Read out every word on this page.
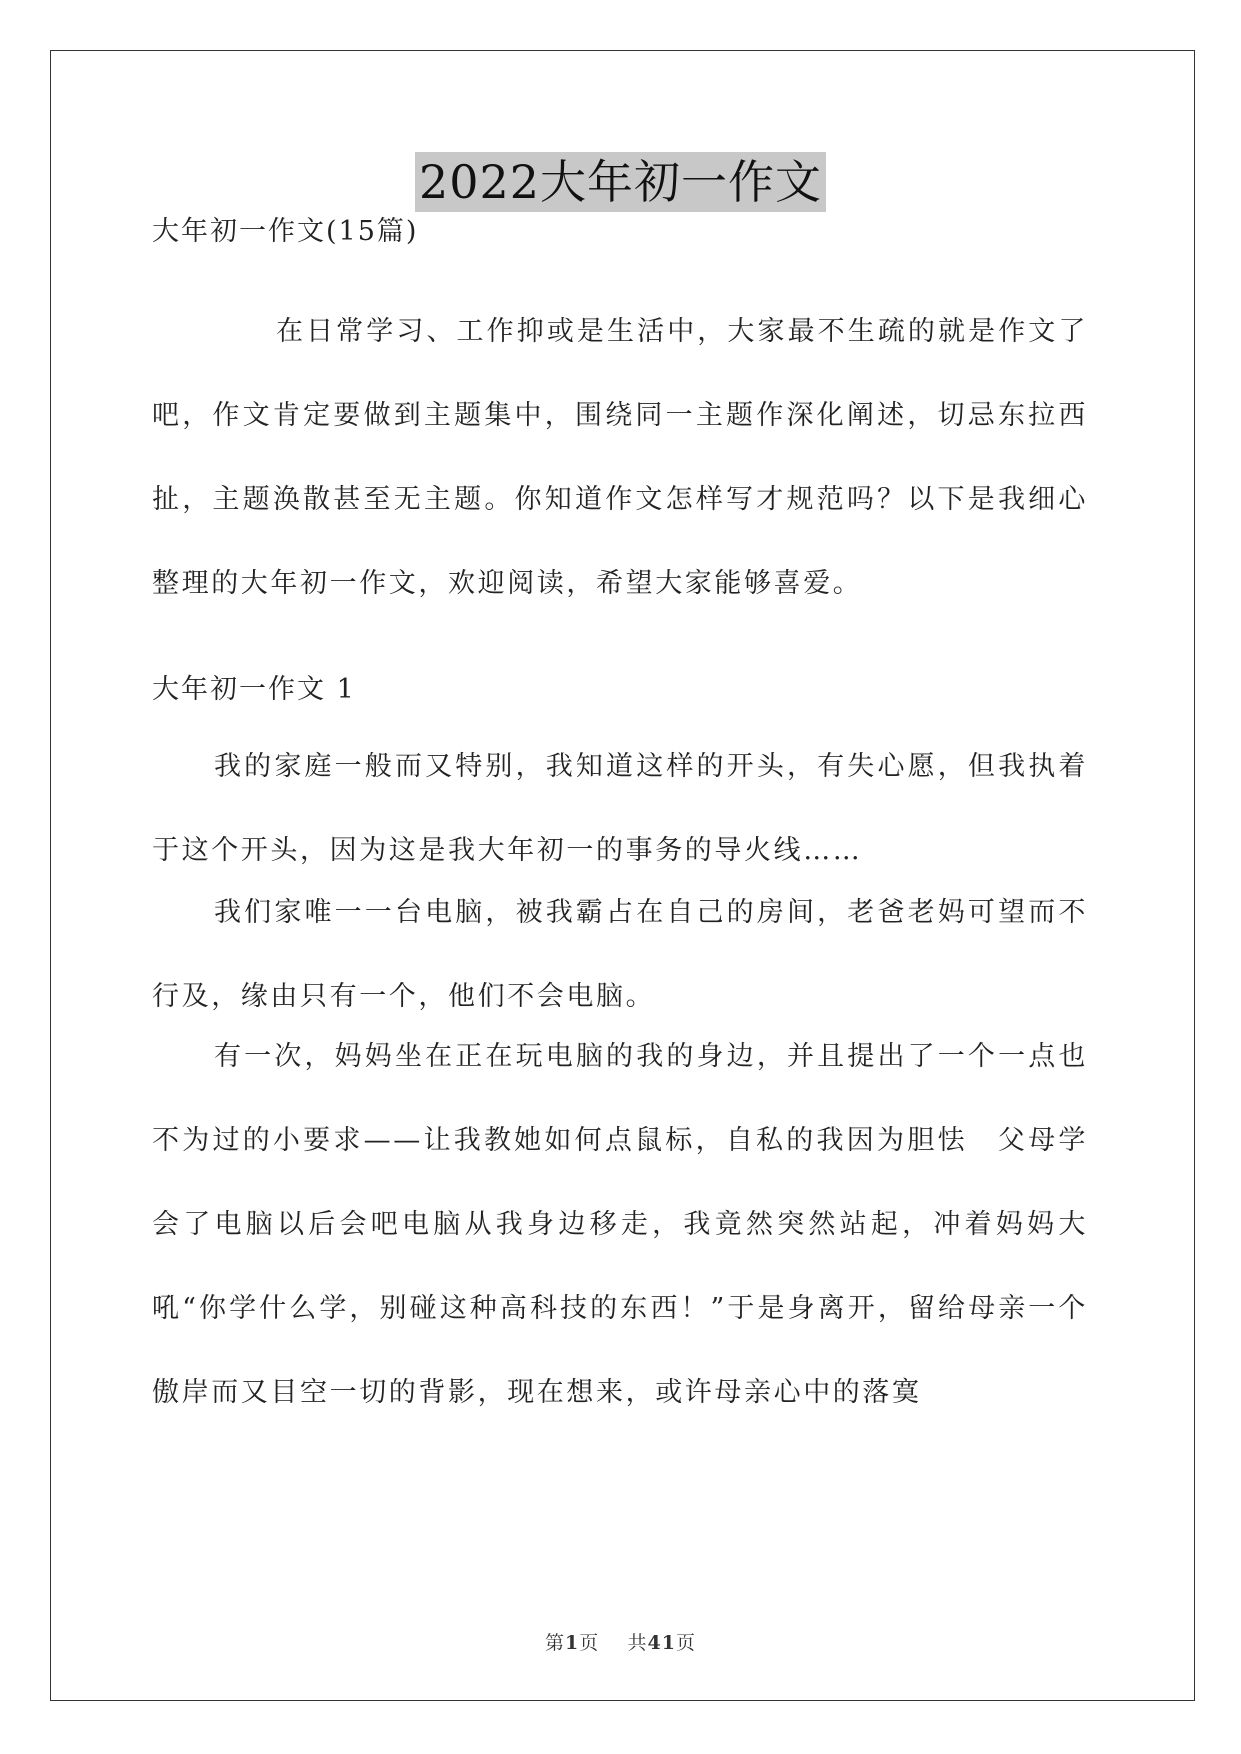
2022大年初一作文
大年初一作文(15篇)
在日常学习、工作抑或是生活中，大家最不生疏的就是作文了吧，作文肯定要做到主题集中，围绕同一主题作深化阐述，切忌东拉西扯，主题涣散甚至无主题。你知道作文怎样写才规范吗？以下是我细心整理的大年初一作文，欢迎阅读，希望大家能够喜爱。
大年初一作文 1
我的家庭一般而又特别，我知道这样的开头，有失心愿，但我执着于这个开头，因为这是我大年初一的事务的导火线……
我们家唯一一台电脑，被我霸占在自己的房间，老爸老妈可望而不行及，缘由只有一个，他们不会电脑。
有一次，妈妈坐在正在玩电脑的我的身边，并且提出了一个一点也不为过的小要求——让我教她如何点鼠标，自私的我因为胆怯　父母学会了电脑以后会吧电脑从我身边移走，我竟然突然站起，冲着妈妈大吼“你学什么学，别碰这种高科技的东西！”于是身离开，留给母亲一个傲岸而又目空一切的背影，现在想来，或许母亲心中的落寞
第1页 共41页
